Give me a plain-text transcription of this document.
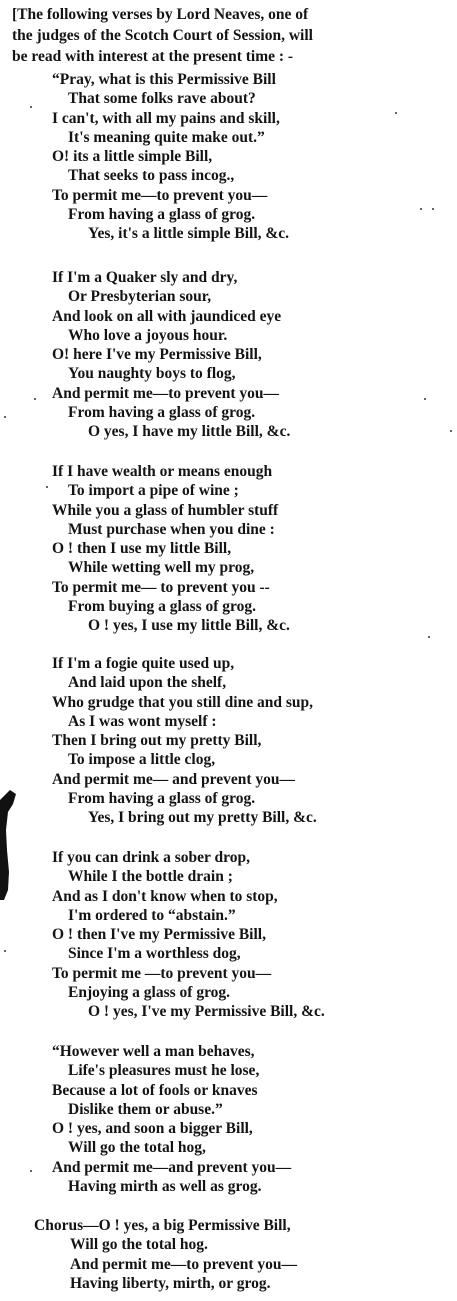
[The following verses by Lord Neaves, one of
the judges of the Scotch Court of Session, will
be read with interest at the present time : -
“Pray, what is this Permissive Bill
That some folks rave about?
I can't, with all my pains and skill,
It's meaning quite make out.”
O! its a little simple Bill,
That seeks to pass incog.,
To permit me—to prevent you—
From having a glass of grog.
Yes, it's a little simple Bill, &c.
If I'm a Quaker sly and dry,
Or Presbyterian sour,
And look on all with jaundiced eye
Who love a joyous hour.
O! here I've my Permissive Bill,
You naughty boys to flog,
And permit me—to prevent you—
From having a glass of grog.
O yes, I have my little Bill, &c.
If I have wealth or means enough
To import a pipe of wine ;
While you a glass of humbler stuff
Must purchase when you dine :
O ! then I use my little Bill,
While wetting well my prog,
To permit me— to prevent you --
From buying a glass of grog.
O ! yes, I use my little Bill, &c.
If I'm a fogie quite used up,
And laid upon the shelf,
Who grudge that you still dine and sup,
As I was wont myself :
Then I bring out my pretty Bill,
To impose a little clog,
And permit me— and prevent you—
From having a glass of grog.
Yes, I bring out my pretty Bill, &c.
If you can drink a sober drop,
While I the bottle drain ;
And as I don't know when to stop,
I'm ordered to “abstain.”
O ! then I've my Permissive Bill,
Since I'm a worthless dog,
To permit me —to prevent you—
Enjoying a glass of grog.
O ! yes, I've my Permissive Bill, &c.
“However well a man behaves,
Life's pleasures must he lose,
Because a lot of fools or knaves
Dislike them or abuse.”
O ! yes, and soon a bigger Bill,
Will go the total hog,
And permit me—and prevent you—
Having mirth as well as grog.
Chorus—O ! yes, a big Permissive Bill,
Will go the total hog.
And permit me—to prevent you—
Having liberty, mirth, or grog.
